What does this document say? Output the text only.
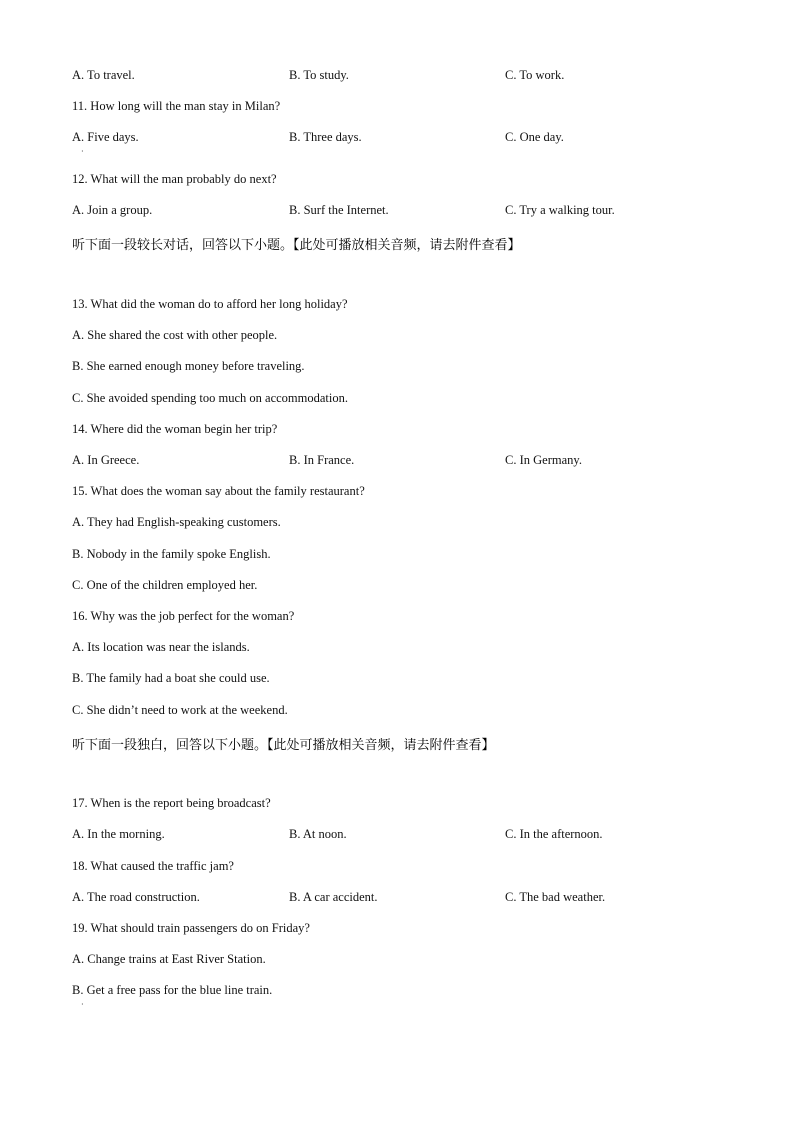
A. To travel.	B. To study.	C. To work.
11. How long will the man stay in Milan?
A. Five days.	B. Three days.	C. One day.
·
12. What will the man probably do next?
A. Join a group.	B. Surf the Internet.	C. Try a walking tour.
听下面一段较长对话，回答以下小题。【此处可播放相关音频，请去附件查看】
13. What did the woman do to afford her long holiday?
A. She shared the cost with other people.
B. She earned enough money before traveling.
C. She avoided spending too much on accommodation.
14. Where did the woman begin her trip?
A. In Greece.	B. In France.	C. In Germany.
15. What does the woman say about the family restaurant?
A. They had English-speaking customers.
B. Nobody in the family spoke English.
C. One of the children employed her.
16. Why was the job perfect for the woman?
A. Its location was near the islands.
B. The family had a boat she could use.
C. She didn’t need to work at the weekend.
听下面一段独白，回答以下小题。【此处可播放相关音频，请去附件查看】
17. When is the report being broadcast?
A. In the morning.	B. At noon.	C. In the afternoon.
18. What caused the traffic jam?
A. The road construction.	B. A car accident.	C. The bad weather.
19. What should train passengers do on Friday?
A. Change trains at East River Station.
B. Get a free pass for the blue line train.
·
